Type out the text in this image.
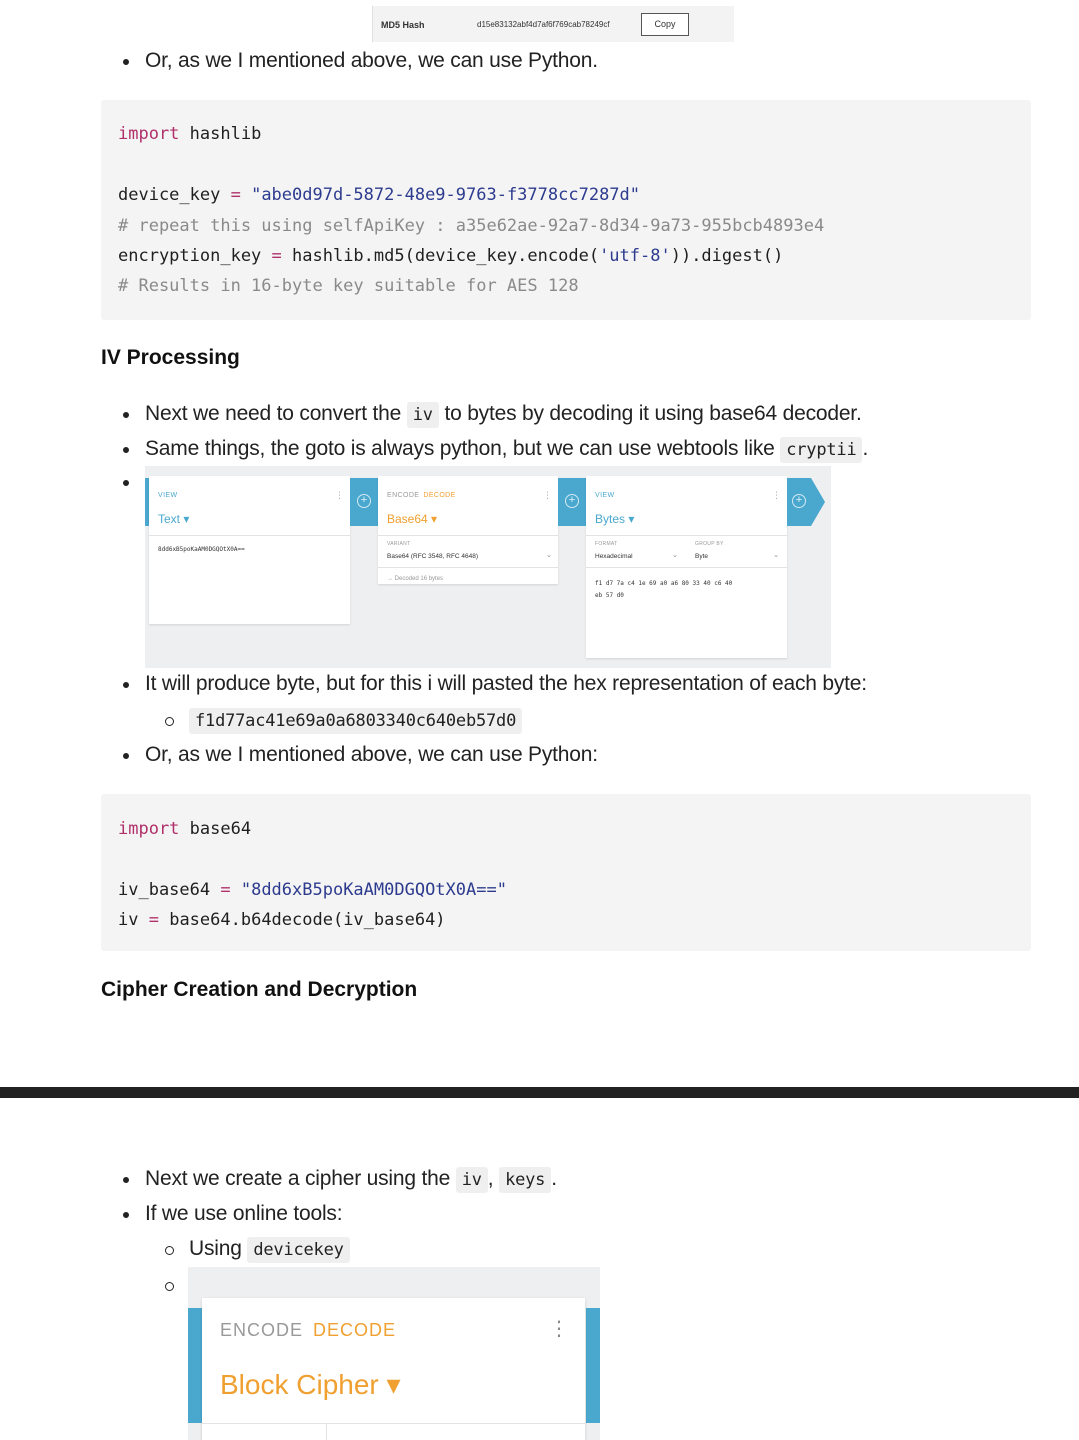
MD5 Hash	d15e83132abf4d7af6f769cab78249cf	Copy
Or, as we I mentioned above, we can use Python.
import hashlib
device_key = "abe0d97d-5872-48e9-9763-f3778cc7287d"
# repeat this using selfApiKey : a35e62ae-92a7-8d34-9a73-955bcb4893e4
encryption_key = hashlib.md5(device_key.encode('utf-8')).digest()
# Results in 16-byte key suitable for AES 128
IV Processing
Next we need to convert the iv to bytes by decoding it using base64 decoder.
Same things, the goto is always python, but we can use webtools like cryptii .
VIEW	⋮
Text ▾
8dd6xB5poKaAM0DGQOtX0A==
+	ENCODE DECODE	⋮
Base64 ▾
VARIANT
Base64 (RFC 3548, RFC 4648)	⌄
→ Decoded 16 bytes
+	VIEW	⋮
Bytes ▾
FORMAT
Hexadecimal	⌄
GROUP BY
Byte	⌄
f1 d7 7a c4 1e 69 a0 a6 80 33 40 c6 40
eb 57 d0
+
It will produce byte, but for this i will pasted the hex representation of each byte:
f1d77ac41e69a0a6803340c640eb57d0
Or, as we I mentioned above, we can use Python:
import base64
iv_base64 = "8dd6xB5poKaAM0DGQOtX0A=="
iv = base64.b64decode(iv_base64)
Cipher Creation and Decryption
Next we create a cipher using the iv , keys .
If we use online tools:
Using devicekey
ENCODE DECODE	⋮
Block Cipher ▾
